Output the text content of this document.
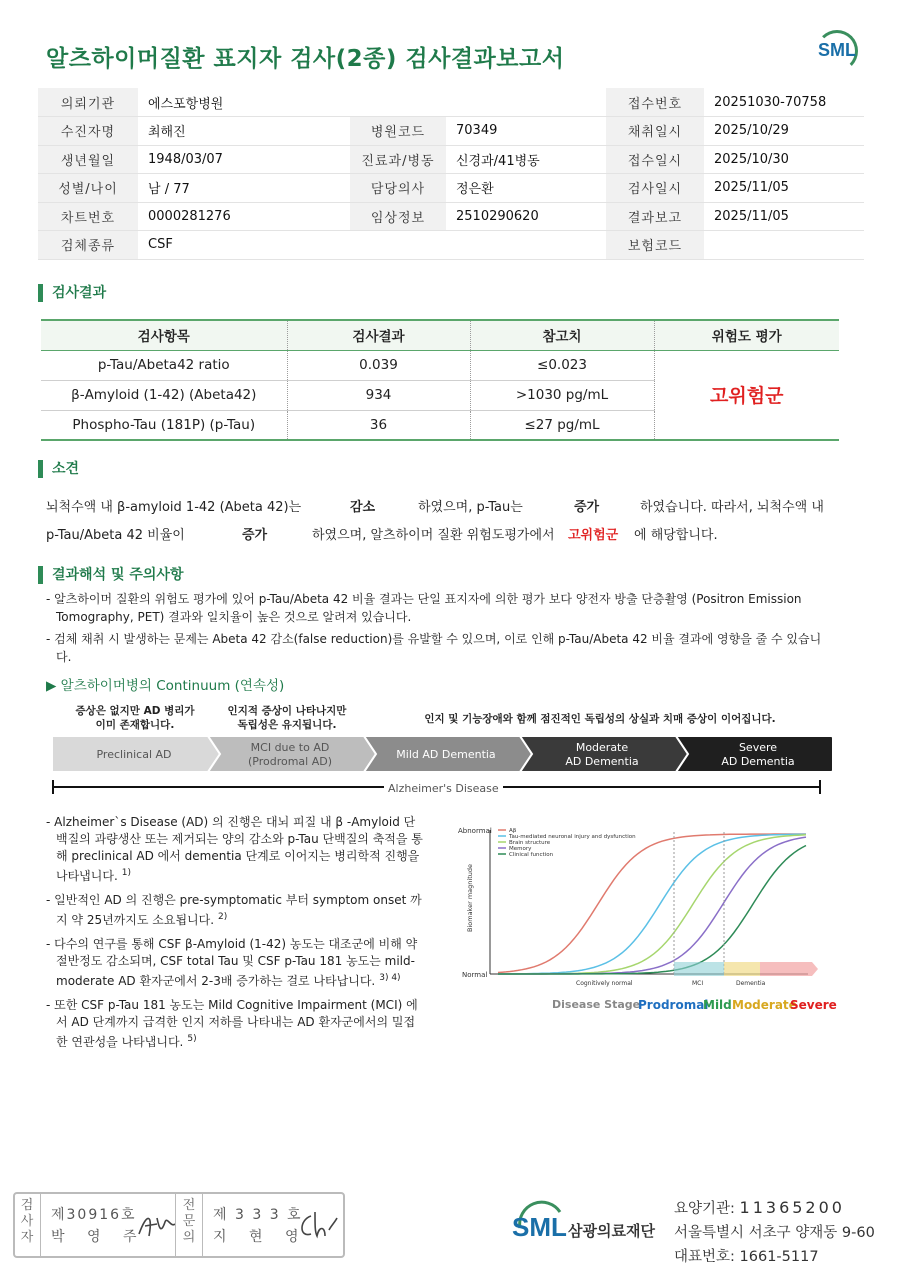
알츠하이머질환 표지자 검사(2종) 검사결과보고서	SML
의뢰기관	에스포항병원			접수번호	20251030-70758
수진자명	최해진	병원코드	70349	채취일시	2025/10/29
생년월일	1948/03/07	진료과/병동	신경과/41병동	접수일시	2025/10/30
성별/나이	남 / 77	담당의사	정은환	검사일시	2025/11/05
차트번호	0000281276	임상정보	2510290620	결과보고	2025/11/05
검체종류	CSF			보험코드	
검사결과
검사항목	검사결과	참고치	위험도 평가
p-Tau/Abeta42 ratio	0.039	≤0.023	고위험군
β-Amyloid (1-42) (Abeta42)	934	>1030 pg/mL	
Phospho-Tau (181P) (p-Tau)	36	≤27 pg/mL	
소견
뇌척수액 내 β-amyloid 1-42 (Abeta 42)는	감소	하였으며, p-Tau는	증가	하였습니다. 따라서, 뇌척수액 내
p-Tau/Abeta 42 비율이	증가	하였으며, 알츠하이머 질환 위험도평가에서 고위험군 에 해당합니다.
결과해석 및 주의사항

- 알츠하이머 질환의 위험도 평가에 있어 p-Tau/Abeta 42 비율 결과는 단일 표지자에 의한 평가 보다 양전자 방출 단층촬영 (Positron Emission Tomography, PET) 결과와 일치율이 높은 것으로 알려져 있습니다.

- 검체 채취 시 발생하는 문제는 Abeta 42 감소(false reduction)를 유발할 수 있으며, 이로 인해 p-Tau/Abeta 42 비율 결과에 영향을 줄 수 있습니다.

▶ 알츠하이머병의 Continuum (연속성)
증상은 없지만 AD 병리가
이미 존재합니다.
인지적 증상이 나타나지만
독립성은 유지됩니다.	인지 및 기능장애와 함께 점진적인 독립성의 상실과 치매 증상이 이어집니다.
Preclinical AD
MCI due to AD
(Prodromal AD)
Mild AD Dementia
Moderate
AD Dementia
Severe
AD Dementia
Alzheimer's Disease

- Alzheimer`s Disease (AD) 의 진행은 대뇌 피질 내 β -Amyloid 단백질의 과량생산 또는 제거되는 양의 감소와 p-Tau 단백질의 축적을 통해 preclinical AD 에서 dementia 단계로 이어지는 병리학적 진행을 나타냅니다. $^{1)}$

- 일반적인 AD 의 진행은 pre-symptomatic 부터 symptom onset 까지 약 25년까지도 소요됩니다. $^{2)}$

- 다수의 연구를 통해 CSF β-Amyloid (1-42) 농도는 대조군에 비해 약 절반정도 감소되며, CSF total Tau 및 CSF p-Tau 181 농도는 mild-moderate AD 환자군에서 2-3배 증가하는 걸로 나타납니다. $^{3) 4)}$

- 또한 CSF p-Tau 181 농도는 Mild Cognitive Impairment (MCI) 에서 AD 단계까지 급격한 인지 저하를 나타내는 AD 환자군에서의 밀접한 연관성을 나타냅니다. $^{5)}$

Abnormal
Normal
Biomaker magnitude
Aβ
Tau-mediated neuronal injury and dysfunction
Brain structure
Memory
Clinical function
Cognitively normal	MCI	Dementia
Disease Stage
Prodromal
Mild Moderate
Severe
검
사
자
제30916호
박 영 주
전
문
의
제 3 3 3 호
지 현 영	SML 삼광의료재단
요양기관: 11365200
서울특별시 서초구 양재동 9-60
대표번호: 1661-5117
